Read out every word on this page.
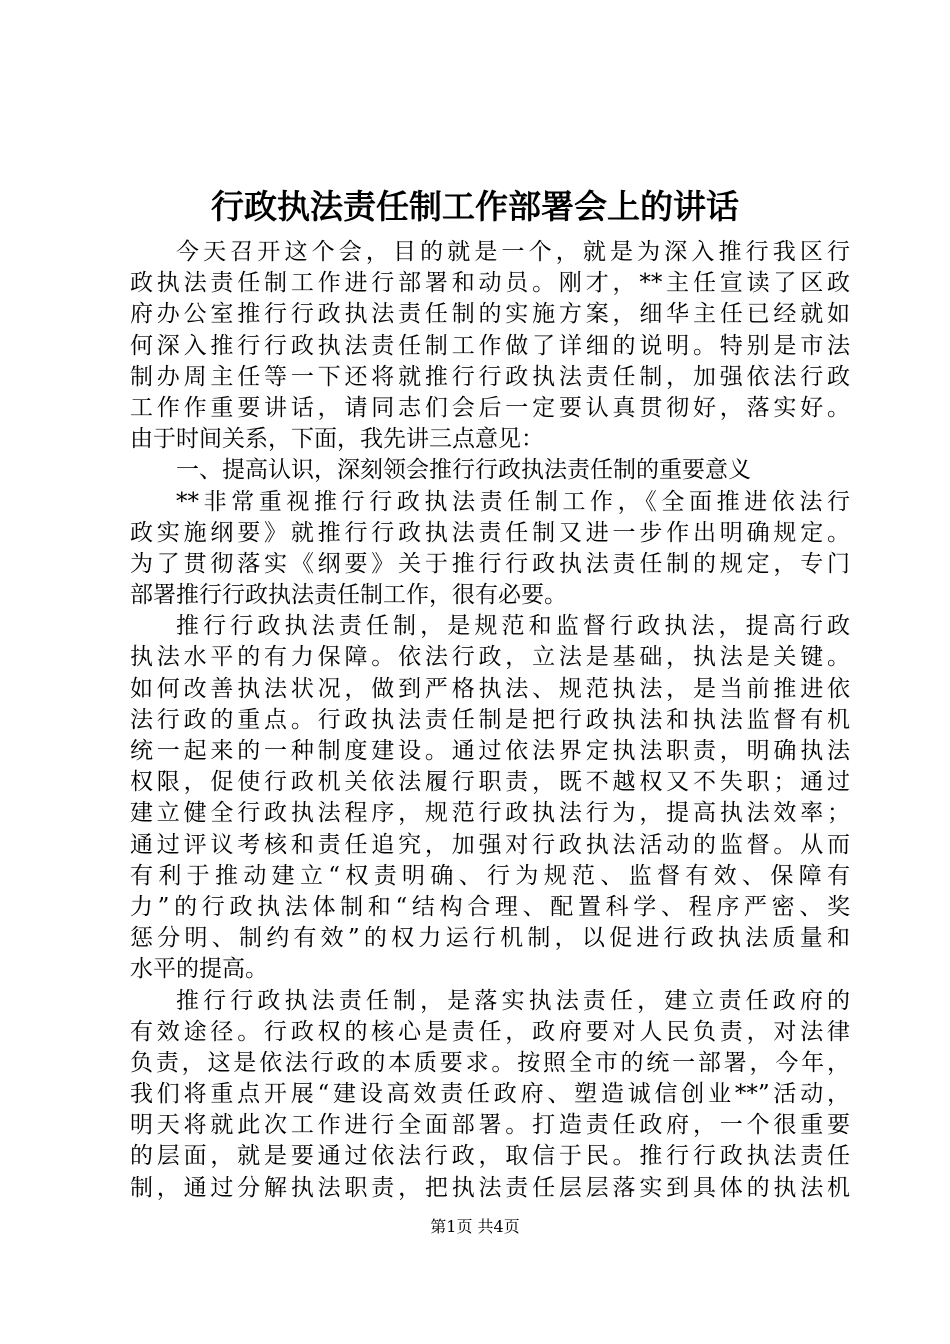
行政执法责任制工作部署会上的讲话
今天召开这个会，目的就是一个，就是为深入推行我区行
政执法责任制工作进行部署和动员。刚才，**主任宣读了区政
府办公室推行行政执法责任制的实施方案，细华主任已经就如
何深入推行行政执法责任制工作做了详细的说明。特别是市法
制办周主任等一下还将就推行行政执法责任制，加强依法行政
工作作重要讲话，请同志们会后一定要认真贯彻好，落实好。
由于时间关系，下面，我先讲三点意见：
一、提高认识，深刻领会推行行政执法责任制的重要意义
**非常重视推行行政执法责任制工作，《全面推进依法行
政实施纲要》就推行行政执法责任制又进一步作出明确规定。
为了贯彻落实《纲要》关于推行行政执法责任制的规定，专门
部署推行行政执法责任制工作，很有必要。
推行行政执法责任制，是规范和监督行政执法，提高行政
执法水平的有力保障。依法行政，立法是基础，执法是关键。
如何改善执法状况，做到严格执法、规范执法，是当前推进依
法行政的重点。行政执法责任制是把行政执法和执法监督有机
统一起来的一种制度建设。通过依法界定执法职责，明确执法
权限，促使行政机关依法履行职责，既不越权又不失职；通过
建立健全行政执法程序，规范行政执法行为，提高执法效率；
通过评议考核和责任追究，加强对行政执法活动的监督。从而
有利于推动建立“权责明确、行为规范、监督有效、保障有
力”的行政执法体制和“结构合理、配置科学、程序严密、奖
惩分明、制约有效”的权力运行机制，以促进行政执法质量和
水平的提高。
推行行政执法责任制，是落实执法责任，建立责任政府的
有效途径。行政权的核心是责任，政府要对人民负责，对法律
负责，这是依法行政的本质要求。按照全市的统一部署，今年，
我们将重点开展“建设高效责任政府、塑造诚信创业**”活动，
明天将就此次工作进行全面部署。打造责任政府，一个很重要
的层面，就是要通过依法行政，取信于民。推行行政执法责任
制，通过分解执法职责，把执法责任层层落实到具体的执法机
第1页 共4页
